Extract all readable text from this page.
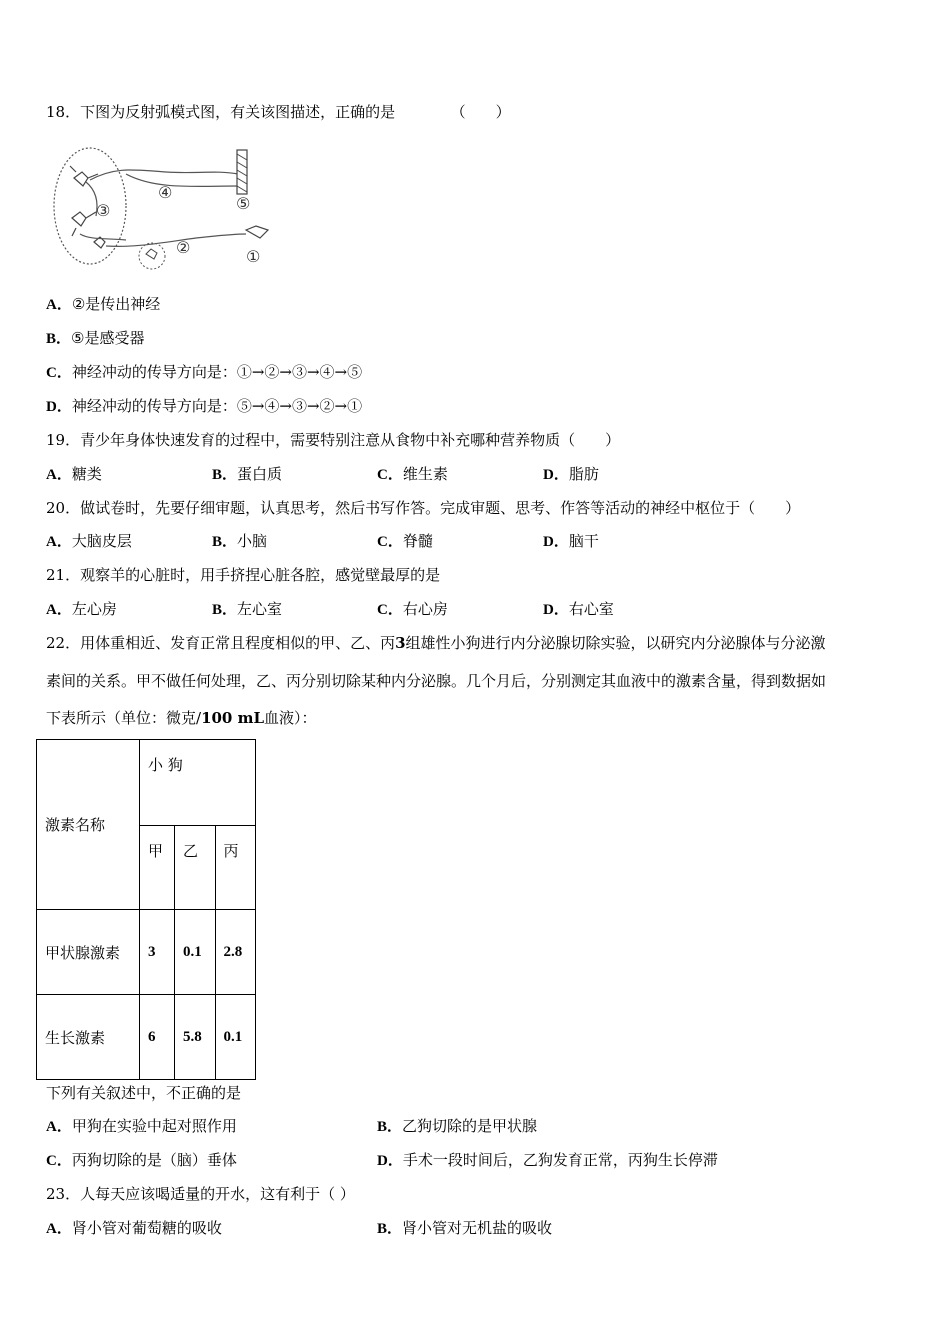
18．下图为反射弧模式图，有关该图描述，正确的是	（　　）
①
②
③
④
⑤
A．②是传出神经
B．⑤是感受器
C．神经冲动的传导方向是：①→②→③→④→⑤
D．神经冲动的传导方向是：⑤→④→③→②→①
19．青少年身体快速发育的过程中，需要特别注意从食物中补充哪种营养物质（　　）
A．糖类	B．蛋白质	C．维生素	D．脂肪
20．做试卷时，先要仔细审题，认真思考，然后书写作答。完成审题、思考、作答等活动的神经中枢位于（　　）
A．大脑皮层	B．小脑	C．脊髓	D．脑干
21．观察羊的心脏时，用手挤捏心脏各腔，感觉壁最厚的是
A．左心房	B．左心室	C．右心房	D．右心室
22．用体重相近、发育正常且程度相似的甲、乙、丙3组雄性小狗进行内分泌腺切除实验，以研究内分泌腺体与分泌激
素间的关系。甲不做任何处理，乙、丙分别切除某种内分泌腺。几个月后，分别测定其血液中的激素含量，得到数据如
下表所示（单位：微克/100 mL血液）：
激素名称	小 狗		
	甲	乙	丙
甲状腺激素	3	0.1	2.8
生长激素	6	5.8	0.1
下列有关叙述中，不正确的是
A．甲狗在实验中起对照作用	B．乙狗切除的是甲状腺
C．丙狗切除的是（脑）垂体	D．手术一段时间后，乙狗发育正常，丙狗生长停滞
23．人每天应该喝适量的开水，这有利于（ ）
A．肾小管对葡萄糖的吸收	B．肾小管对无机盐的吸收
